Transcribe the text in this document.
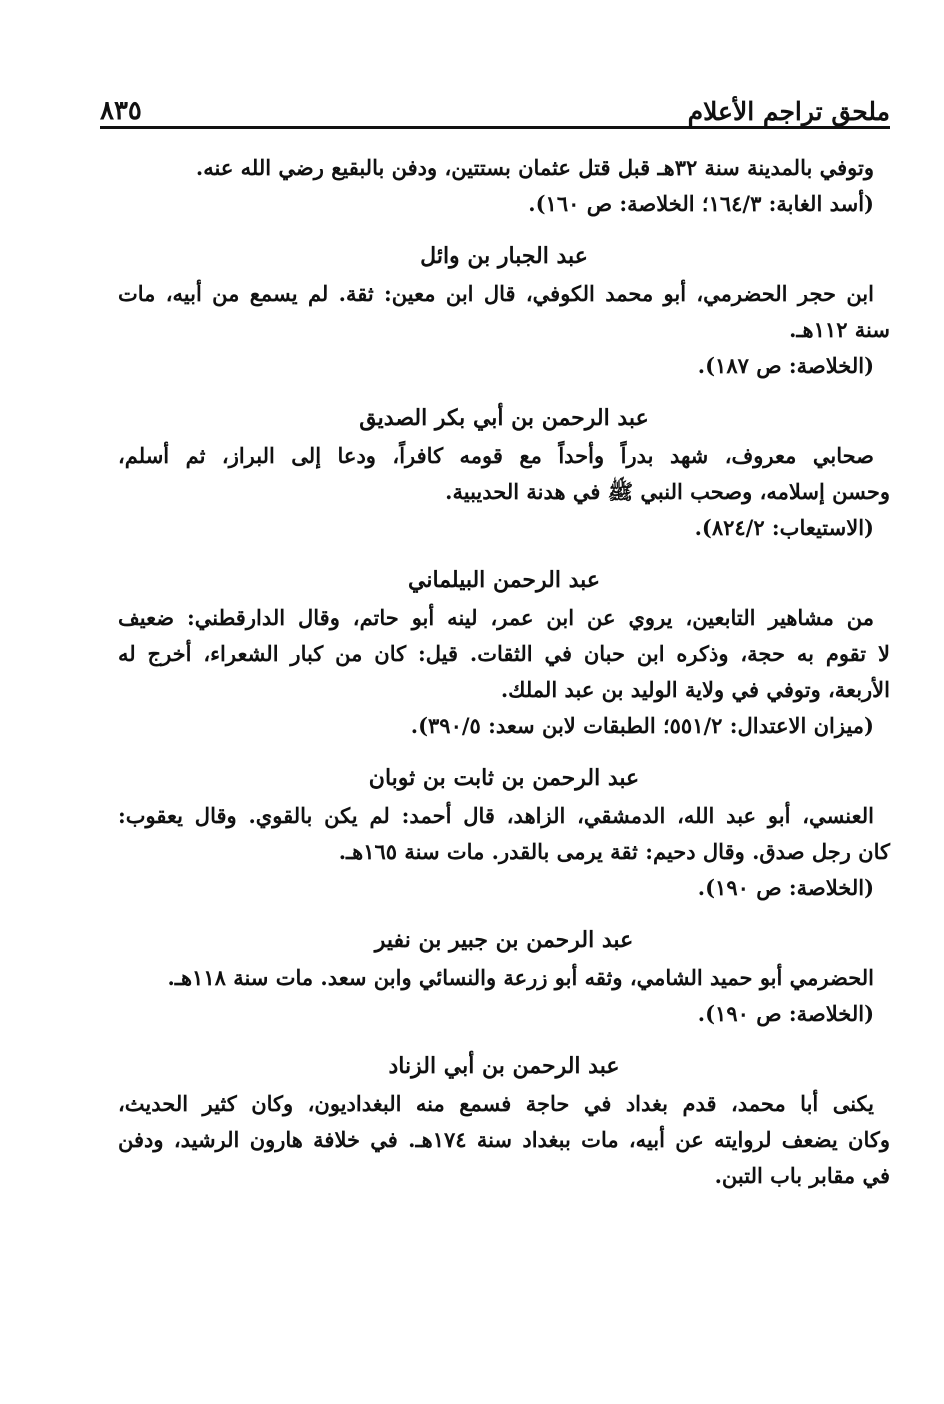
ملحق تراجم الأعلام
٨٣٥
وتوفي بالمدينة سنة ٣٢هـ قبل قتل عثمان بستتين، ودفن بالبقيع رضي الله عنه.
(أسد الغابة: ١٦٤/٣؛ الخلاصة: ص ١٦٠).
عبد الجبار بن وائل
ابن حجر الحضرمي، أبو محمد الكوفي، قال ابن معين: ثقة. لم يسمع من أبيه، مات
سنة ١١٢هـ.
(الخلاصة: ص ١٨٧).
عبد الرحمن بن أبي بكر الصديق
صحابي معروف، شهد بدراً وأحداً مع قومه كافراً، ودعا إلى البراز، ثم أسلم،
وحسن إسلامه، وصحب النبي ﷺ في هدنة الحديبية.
(الاستيعاب: ٨٢٤/٢).
عبد الرحمن البيلماني
من مشاهير التابعين، يروي عن ابن عمر، لينه أبو حاتم، وقال الدارقطني: ضعيف
لا تقوم به حجة، وذكره ابن حبان في الثقات. قيل: كان من كبار الشعراء، أخرج له
الأربعة، وتوفي في ولاية الوليد بن عبد الملك.
(ميزان الاعتدال: ٥٥١/٢؛ الطبقات لابن سعد: ٣٩٠/٥).
عبد الرحمن بن ثابت بن ثوبان
العنسي، أبو عبد الله، الدمشقي، الزاهد، قال أحمد: لم يكن بالقوي. وقال يعقوب:
كان رجل صدق. وقال دحيم: ثقة يرمى بالقدر. مات سنة ١٦٥هـ.
(الخلاصة: ص ١٩٠).
عبد الرحمن بن جبير بن نفير
الحضرمي أبو حميد الشامي، وثقه أبو زرعة والنسائي وابن سعد. مات سنة ١١٨هـ.
(الخلاصة: ص ١٩٠).
عبد الرحمن بن أبي الزناد
يكنى أبا محمد، قدم بغداد في حاجة فسمع منه البغداديون، وكان كثير الحديث،
وكان يضعف لروايته عن أبيه، مات ببغداد سنة ١٧٤هـ. في خلافة هارون الرشيد، ودفن
في مقابر باب التبن.
